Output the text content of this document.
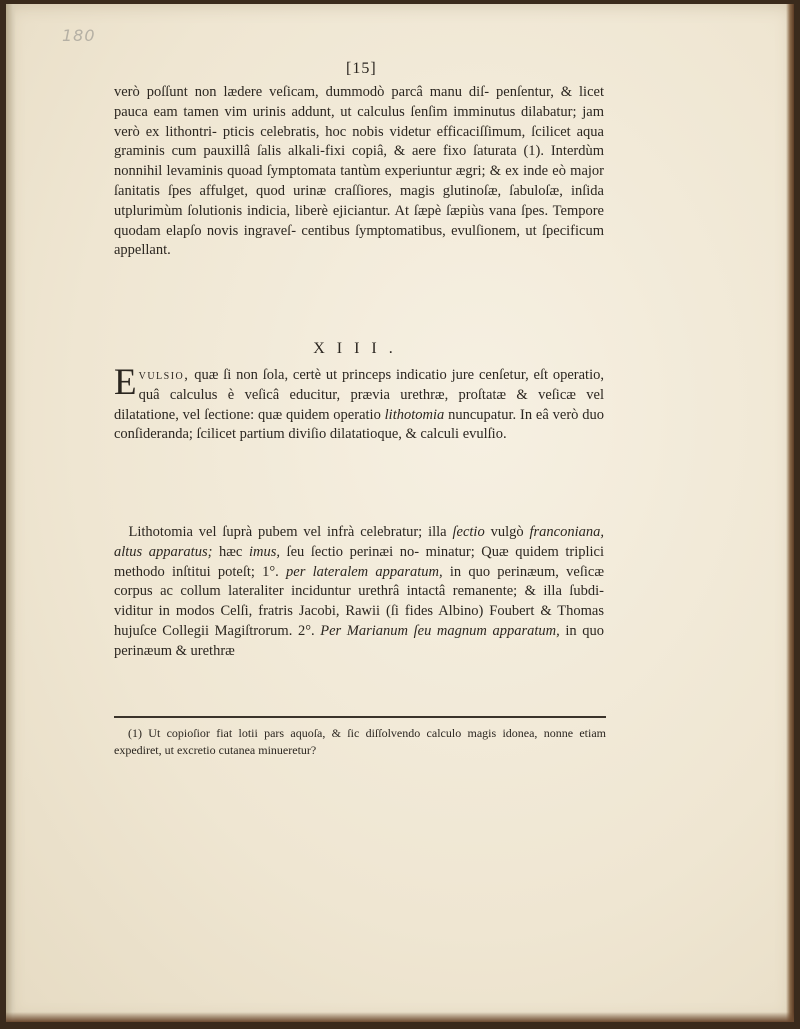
180
[15]

verò poſſunt non lædere veſicam, dummodò parcâ manu diſ- penſentur, & licet pauca eam tamen vim urinis addunt, ut calculus ſenſim imminutus dilabatur; jam verò ex lithontri- pticis celebratis, hoc nobis videtur efficaciſſimum, ſcilicet aqua graminis cum pauxillâ ſalis alkali-fixi copiâ, & aere fixo ſaturata (1). Interdùm nonnihil levaminis quoad ſymptomata tantùm experiuntur ægri; & ex inde eò major ſanitatis ſpes affulget, quod urinæ craſſiores, magis glutinoſæ, ſabuloſæ, inſida utplurimùm ſolutionis indicia, liberè ejiciantur. At ſæpè ſæpiùs vana ſpes. Tempore quodam elapſo novis ingraveſ- centibus ſymptomatibus, evulſionem, ut ſpecificum appellant.

XIII.

Evulsio, quæ ſi non ſola, certè ut princeps indicatio jure cenſetur, eſt operatio, quâ calculus è veſicâ educitur, prævia urethræ, proſtatæ & veſicæ vel dilatatione, vel ſectione: quæ quidem operatio lithotomia nuncupatur. In eâ verò duo conſideranda; ſcilicet partium diviſio dilatatioque, & calculi evulſio.

 Lithotomia vel ſuprà pubem vel infrà celebratur; illa ſectio vulgò franconiana, altus apparatus; hæc imus, ſeu ſectio perinæi no- minatur; Quæ quidem triplici methodo inſtitui poteſt; 1°. per lateralem apparatum, in quo perinæum, veſicæ corpus ac collum lateraliter inciduntur urethrâ intactâ remanente; & illa ſubdi- viditur in modos Celſi, fratris Jacobi, Rawii (ſi fides Albino) Foubert & Thomas hujuſce Collegii Magiſtrorum. 2°. Per Marianum ſeu magnum apparatum, in quo perinæum & urethræ

(1) Ut copioſior fiat lotii pars aquoſa, & ſic diſſolvendo calculo magis idonea, nonne etiam expediret, ut excretio cutanea minueretur?
